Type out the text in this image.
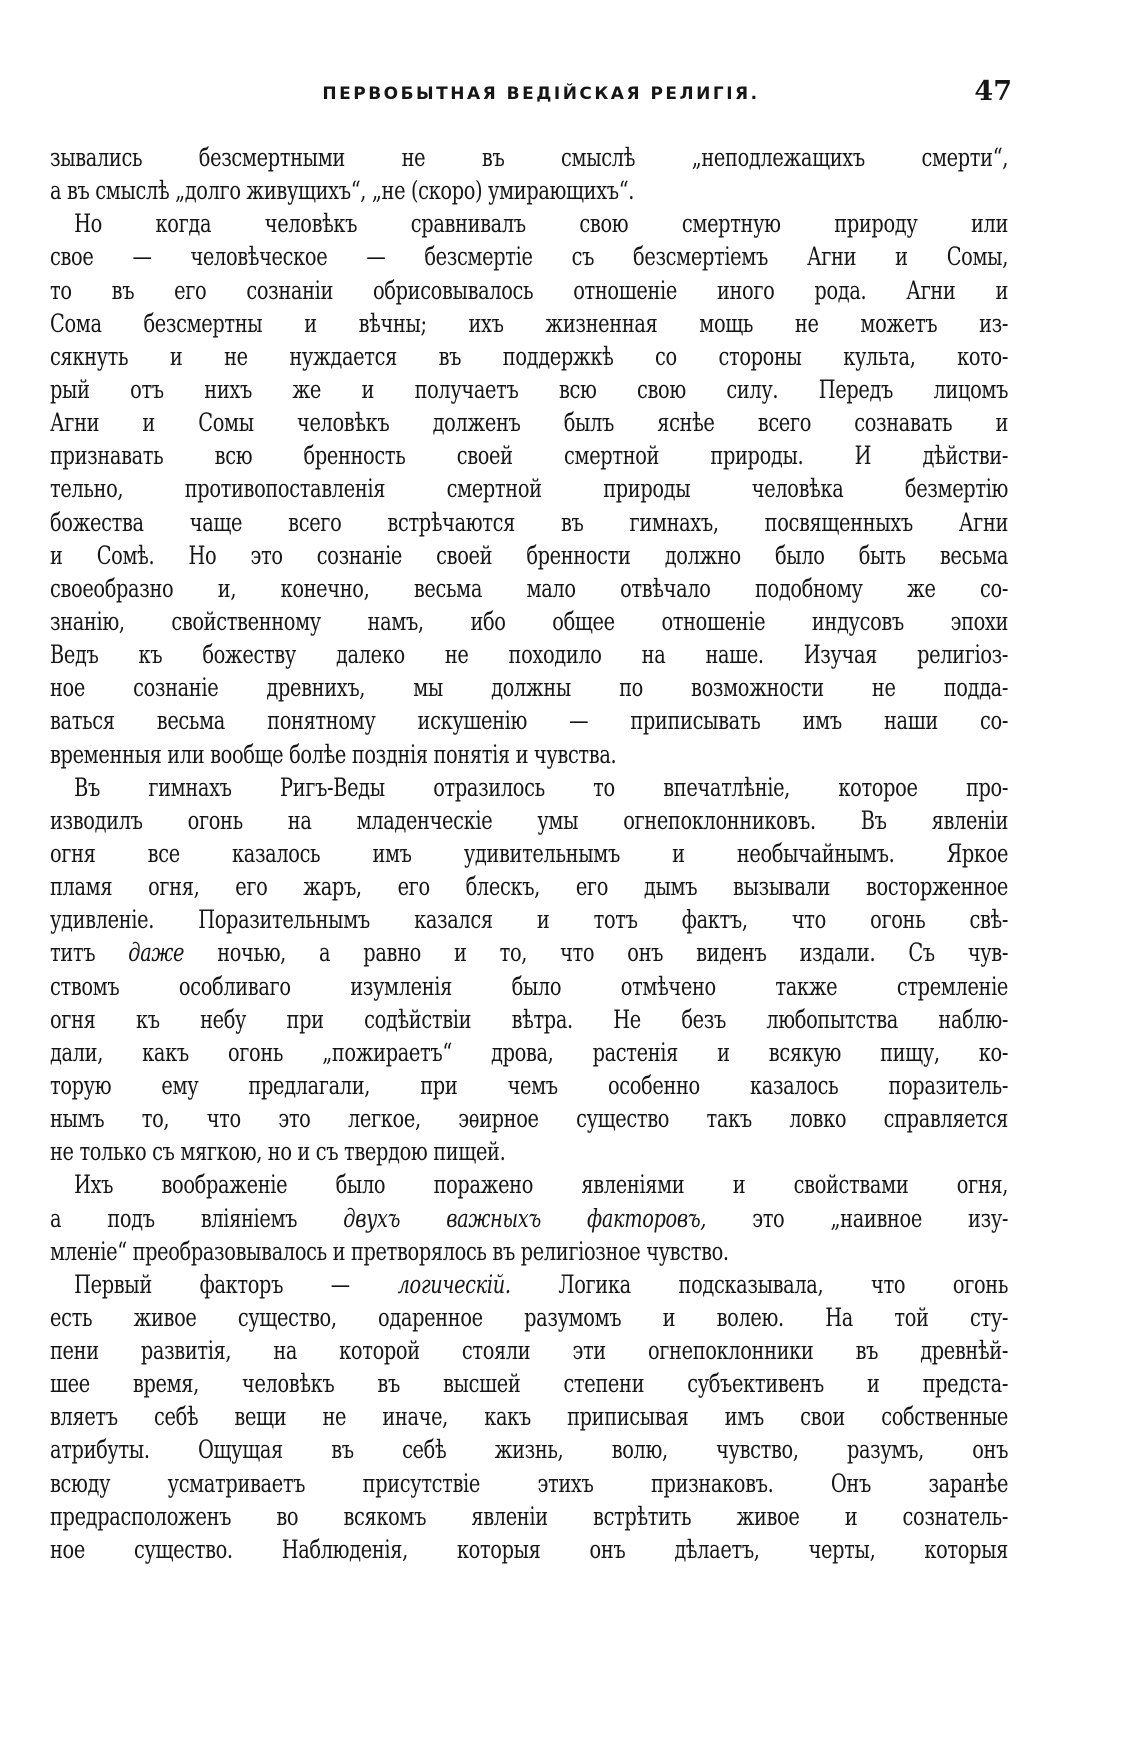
ПЕРВОБЫТНАЯ ВЕДІЙСКАЯ РЕЛИГІЯ.	47
зывались безсмертными не въ смыслѣ „неподлежащихъ смерти“,
а въ смыслѣ „долго живущихъ“, „не (скоро) умирающихъ“.
Но когда человѣкъ сравнивалъ свою смертную природу или
свое — человѣческое — безсмертіе съ безсмертіемъ Агни и Сомы,
то въ его сознаніи обрисовывалось отношеніе иного рода. Агни и
Сома безсмертны и вѣчны; ихъ жизненная мощь не можетъ из-
сякнуть и не нуждается въ поддержкѣ со стороны культа, кото-
рый отъ нихъ же и получаетъ всю свою силу. Передъ лицомъ
Агни и Сомы человѣкъ долженъ былъ яснѣе всего сознавать и
признавать всю бренность своей смертной природы. И дѣйстви-
тельно, противопоставленія смертной природы человѣка безмертію
божества чаще всего встрѣчаются въ гимнахъ, посвященныхъ Агни
и Сомѣ. Но это сознаніе своей бренности должно было быть весьма
своеобразно и, конечно, весьма мало отвѣчало подобному же со-
знанію, свойственному намъ, ибо общее отношеніе индусовъ эпохи
Ведъ къ божеству далеко не походило на наше. Изучая религіоз-
ное сознаніе древнихъ, мы должны по возможности не подда-
ваться весьма понятному искушенію — приписывать имъ наши со-
временныя или вообще болѣе позднія понятія и чувства.
Въ гимнахъ Ригъ-Веды отразилось то впечатлѣніе, которое про-
изводилъ огонь на младенческіе умы огнепоклонниковъ. Въ явленіи
огня все казалось имъ удивительнымъ и необычайнымъ. Яркое
пламя огня, его жаръ, его блескъ, его дымъ вызывали восторженное
удивленіе. Поразительнымъ казался и тотъ фактъ, что огонь свѣ-
титъ даже ночью, а равно и то, что онъ виденъ издали. Съ чув-
ствомъ особливаго изумленія было отмѣчено также стремленіе
огня къ небу при содѣйствіи вѣтра. Не безъ любопытства наблю-
дали, какъ огонь „пожираетъ“ дрова, растенія и всякую пищу, ко-
торую ему предлагали, при чемъ особенно казалось поразитель-
нымъ то, что это легкое, эѳирное существо такъ ловко справляется
не только съ мягкою, но и съ твердою пищей.
Ихъ воображеніе было поражено явленіями и свойствами огня,
а подъ вліяніемъ двухъ важныхъ факторовъ, это „наивное изу-
мленіе“ преобразовывалось и претворялось въ религіозное чувство.
Первый факторъ — логическій. Логика подсказывала, что огонь
есть живое существо, одаренное разумомъ и волею. На той сту-
пени развитія, на которой стояли эти огнепоклонники въ древнѣй-
шее время, человѣкъ въ высшей степени субъективенъ и предста-
вляетъ себѣ вещи не иначе, какъ приписывая имъ свои собственные
атрибуты. Ощущая въ себѣ жизнь, волю, чувство, разумъ, онъ
всюду усматриваетъ присутствіе этихъ признаковъ. Онъ заранѣе
предрасположенъ во всякомъ явленіи встрѣтить живое и сознатель-
ное существо. Наблюденія, которыя онъ дѣлаетъ, черты, которыя
